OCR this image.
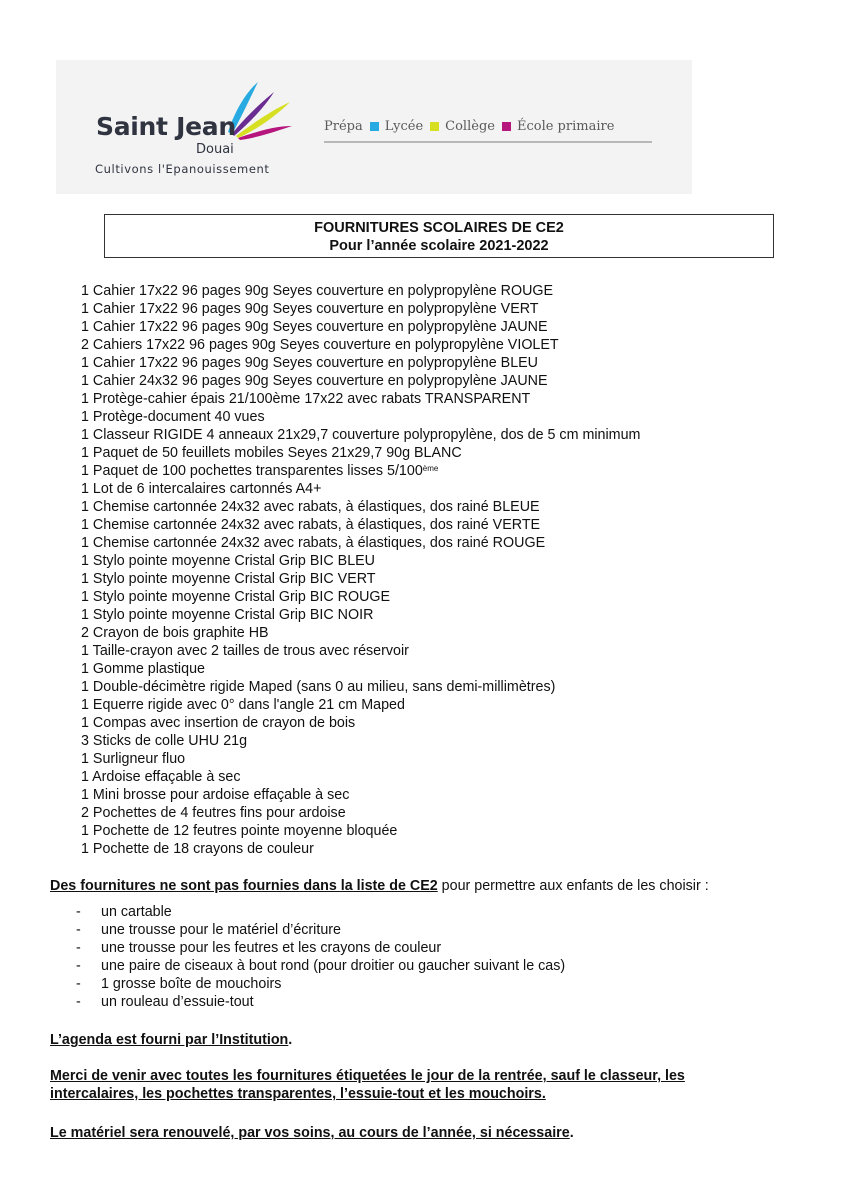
Saint Jean
Douai
Cultivons l'Epanouissement
Prépa Lycée Collège École primaire
FOURNITURES SCOLAIRES DE CE2
Pour l’année scolaire 2021-2022
1 Cahier 17x22 96 pages 90g Seyes couverture en polypropylène ROUGE
1 Cahier 17x22 96 pages 90g Seyes couverture en polypropylène VERT
1 Cahier 17x22 96 pages 90g Seyes couverture en polypropylène JAUNE
2 Cahiers 17x22 96 pages 90g Seyes couverture en polypropylène VIOLET
1 Cahier 17x22 96 pages 90g Seyes couverture en polypropylène BLEU
1 Cahier 24x32 96 pages 90g Seyes couverture en polypropylène JAUNE
1 Protège-cahier épais 21/100ème 17x22 avec rabats TRANSPARENT
1 Protège-document 40 vues
1 Classeur RIGIDE 4 anneaux 21x29,7 couverture polypropylène, dos de 5 cm minimum
1 Paquet de 50 feuillets mobiles Seyes 21x29,7 90g BLANC
1 Paquet de 100 pochettes transparentes lisses 5/100ème
1 Lot de 6 intercalaires cartonnés A4+
1 Chemise cartonnée 24x32 avec rabats, à élastiques, dos rainé BLEUE
1 Chemise cartonnée 24x32 avec rabats, à élastiques, dos rainé VERTE
1 Chemise cartonnée 24x32 avec rabats, à élastiques, dos rainé ROUGE
1 Stylo pointe moyenne Cristal Grip BIC BLEU
1 Stylo pointe moyenne Cristal Grip BIC VERT
1 Stylo pointe moyenne Cristal Grip BIC ROUGE
1 Stylo pointe moyenne Cristal Grip BIC NOIR
2 Crayon de bois graphite HB
1 Taille-crayon avec 2 tailles de trous avec réservoir
1 Gomme plastique
1 Double-décimètre rigide Maped (sans 0 au milieu, sans demi-millimètres)
1 Equerre rigide avec 0° dans l'angle 21 cm Maped
1 Compas avec insertion de crayon de bois
3 Sticks de colle UHU 21g
1 Surligneur fluo
1 Ardoise effaçable à sec
1 Mini brosse pour ardoise effaçable à sec
2 Pochettes de 4 feutres fins pour ardoise
1 Pochette de 12 feutres pointe moyenne bloquée
1 Pochette de 18 crayons de couleur
Des fournitures ne sont pas fournies dans la liste de CE2 pour permettre aux enfants de les choisir :
- un cartable
- une trousse pour le matériel d’écriture
- une trousse pour les feutres et les crayons de couleur
- une paire de ciseaux à bout rond (pour droitier ou gaucher suivant le cas)
- 1 grosse boîte de mouchoirs
- un rouleau d’essuie-tout
L’agenda est fourni par l’Institution.
Merci de venir avec toutes les fournitures étiquetées le jour de la rentrée, sauf le classeur, les
intercalaires, les pochettes transparentes, l’essuie-tout et les mouchoirs.
Le matériel sera renouvelé, par vos soins, au cours de l’année, si nécessaire.
